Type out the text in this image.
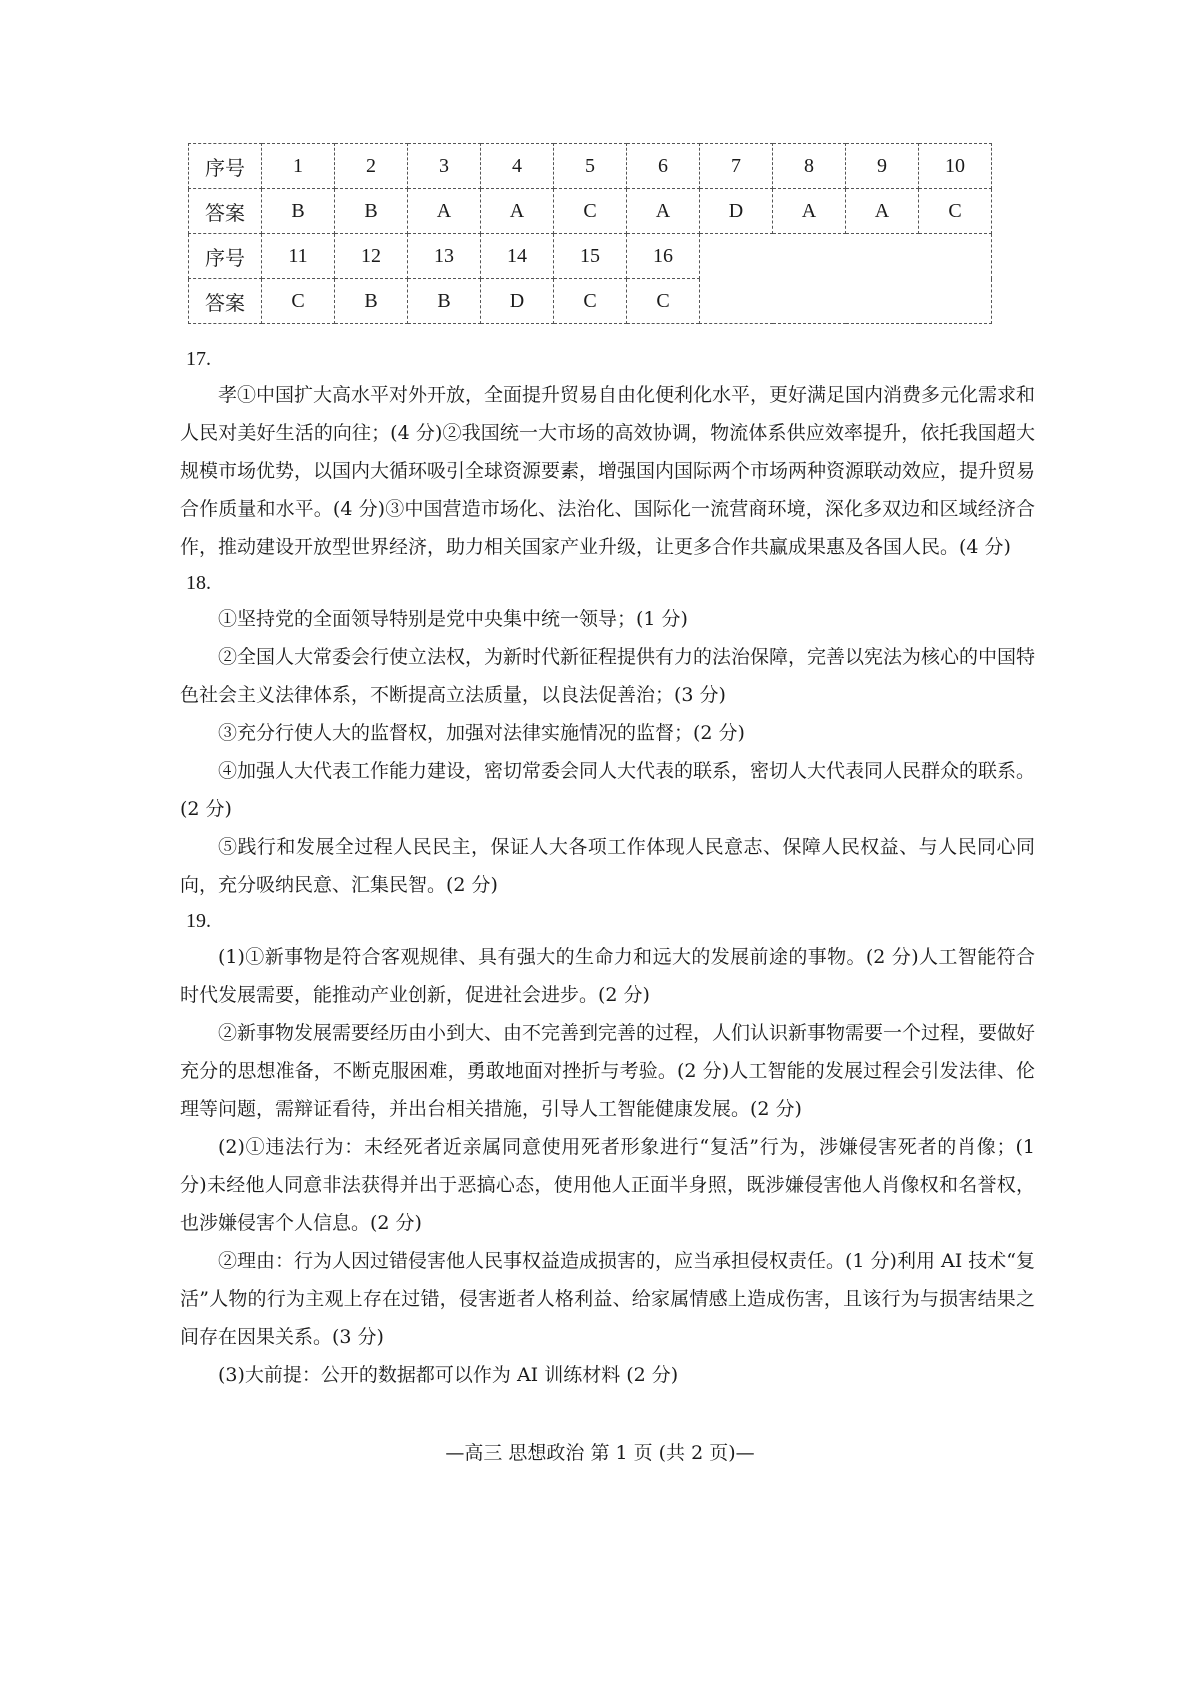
序号	1	2	3	4	5	6	7	8	9	10
答案	B	B	A	A	C	A	D	A	A	C
序号	11	12	13	14	15	16				
答案	C	B	B	D	C	C				
17.
孝①中国扩大高水平对外开放，全面提升贸易自由化便利化水平，更好满足国内消费多元化需求和人民对美好生活的向往；(4 分)②我国统一大市场的高效协调，物流体系供应效率提升，依托我国超大规模市场优势，以国内大循环吸引全球资源要素，增强国内国际两个市场两种资源联动效应，提升贸易合作质量和水平。(4 分)③中国营造市场化、法治化、国际化一流营商环境，深化多双边和区域经济合作，推动建设开放型世界经济，助力相关国家产业升级，让更多合作共赢成果惠及各国人民。(4 分)
18.
①坚持党的全面领导特别是党中央集中统一领导；(1 分)
②全国人大常委会行使立法权，为新时代新征程提供有力的法治保障，完善以宪法为核心的中国特色社会主义法律体系，不断提高立法质量，以良法促善治；(3 分)
③充分行使人大的监督权，加强对法律实施情况的监督；(2 分)
④加强人大代表工作能力建设，密切常委会同人大代表的联系，密切人大代表同人民群众的联系。(2 分)
⑤践行和发展全过程人民民主，保证人大各项工作体现人民意志、保障人民权益、与人民同心同向，充分吸纳民意、汇集民智。(2 分)
19.
(1)①新事物是符合客观规律、具有强大的生命力和远大的发展前途的事物。(2 分)人工智能符合时代发展需要，能推动产业创新，促进社会进步。(2 分)
②新事物发展需要经历由小到大、由不完善到完善的过程，人们认识新事物需要一个过程，要做好充分的思想准备，不断克服困难，勇敢地面对挫折与考验。(2 分)人工智能的发展过程会引发法律、伦理等问题，需辩证看待，并出台相关措施，引导人工智能健康发展。(2 分)
(2)①违法行为：未经死者近亲属同意使用死者形象进行“复活”行为，涉嫌侵害死者的肖像；(1 分)未经他人同意非法获得并出于恶搞心态，使用他人正面半身照，既涉嫌侵害他人肖像权和名誉权，也涉嫌侵害个人信息。(2 分)
②理由：行为人因过错侵害他人民事权益造成损害的，应当承担侵权责任。(1 分)利用 AI 技术“复活”人物的行为主观上存在过错，侵害逝者人格利益、给家属情感上造成伤害，且该行为与损害结果之间存在因果关系。(3 分)
(3)大前提：公开的数据都可以作为 AI 训练材料 (2 分)
—高三 思想政治 第 1 页 (共 2 页)—
